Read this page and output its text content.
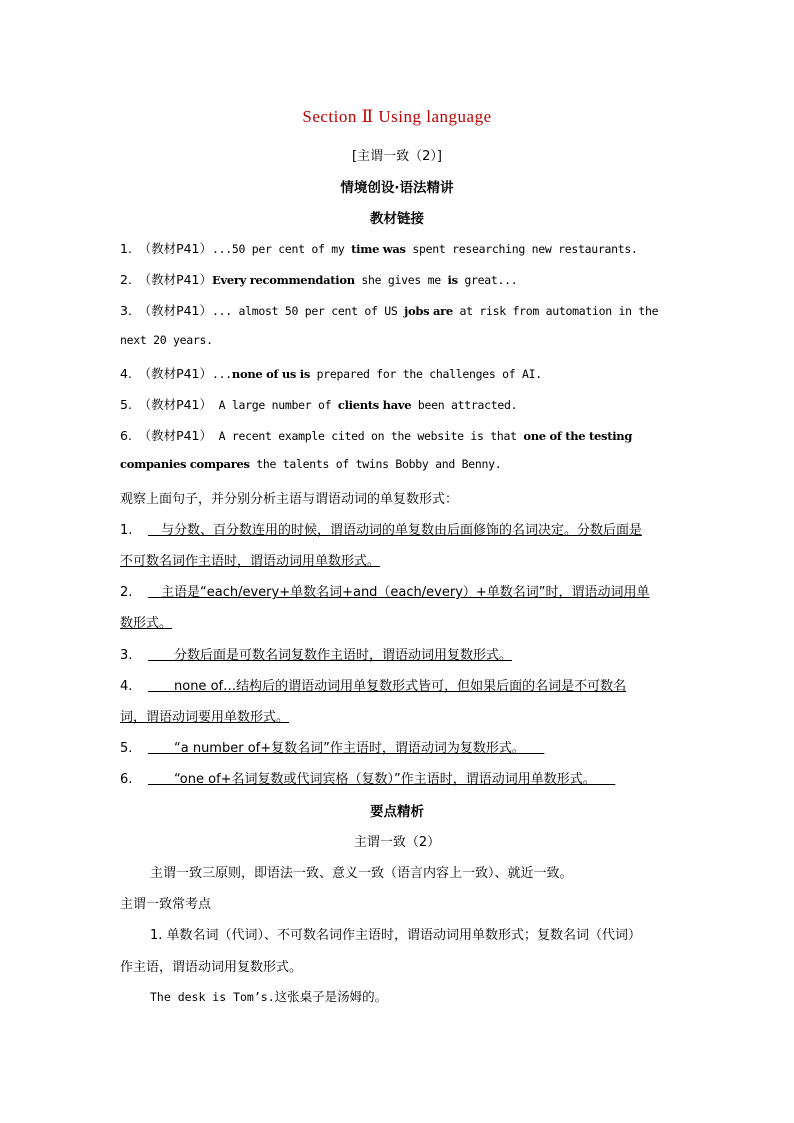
Section Ⅱ Using language
[主谓一致（2）]
情境创设·语法精讲
教材链接
1. （教材P41）...50 per cent of my time was spent researching new restaurants.
2. （教材P41）Every recommendation she gives me is great...
3. （教材P41）... almost 50 per cent of US jobs are at risk from automation in the
next 20 years.
4. （教材P41）...none of us is prepared for the challenges of AI.
5. （教材P41） A large number of clients have been attracted.
6. （教材P41） A recent example cited on the website is that one of the testing
companies compares the talents of twins Bobby and Benny.
观察上面句子，并分别分析主语与谓语动词的单复数形式：
1.　与分数、百分数连用的时候，谓语动词的单复数由后面修饰的名词决定。分数后面是
不可数名词作主语时，谓语动词用单数形式。
2.　主语是“each/every+单数名词+and（each/every）+单数名词”时，谓语动词用单
数形式。
3.　　分数后面是可数名词复数作主语时，谓语动词用复数形式。
4.　　none of…结构后的谓语动词用单复数形式皆可，但如果后面的名词是不可数名
词，谓语动词要用单数形式。
5.　　“a number of+复数名词”作主语时，谓语动词为复数形式。　　
6.　　“one of+名词复数或代词宾格（复数）”作主语时，谓语动词用单数形式。　　
要点精析
主谓一致（2）
主谓一致三原则，即语法一致、意义一致（语言内容上一致）、就近一致。
主谓一致常考点
1. 单数名词（代词）、不可数名词作主语时，谓语动词用单数形式；复数名词（代词）
作主语，谓语动词用复数形式。
The desk is Tom’s.这张桌子是汤姆的。
